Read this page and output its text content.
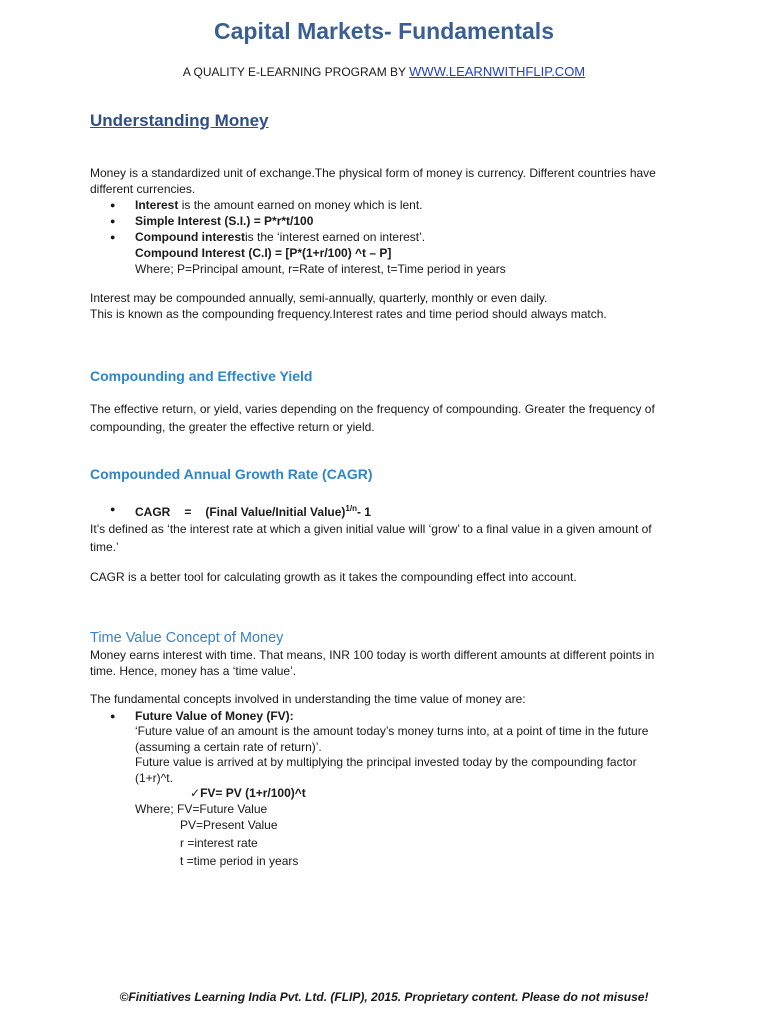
Capital Markets- Fundamentals
A QUALITY E-LEARNING PROGRAM BY WWW.LEARNWITHFLIP.COM
Understanding Money
Money is a standardized unit of exchange.The physical form of money is currency. Different countries have different currencies.
● Interest is the amount earned on money which is lent.
● Simple Interest (S.I.) = P*r*t/100
● Compound interestis the ‘interest earned on interest’.
Compound Interest (C.I) = [P*(1+r/100) ^t – P]
Where; P=Principal amount, r=Rate of interest, t=Time period in years
Interest may be compounded annually, semi-annually, quarterly, monthly or even daily.
This is known as the compounding frequency.Interest rates and time period should always match.
Compounding and Effective Yield
The effective return, or yield, varies depending on the frequency of compounding. Greater the frequency of compounding, the greater the effective return or yield.
Compounded Annual Growth Rate (CAGR)
● CAGR = (Final Value/Initial Value)$^{1/n}$- 1
It’s defined as ‘the interest rate at which a given initial value will ‘grow’ to a final value in a given amount of time.’
CAGR is a better tool for calculating growth as it takes the compounding effect into account.
Time Value Concept of Money
Money earns interest with time. That means, INR 100 today is worth different amounts at different points in time. Hence, money has a ‘time value’.
The fundamental concepts involved in understanding the time value of money are:
● Future Value of Money (FV):
‘Future value of an amount is the amount today’s money turns into, at a point of time in the future (assuming a certain rate of return)’.
Future value is arrived at by multiplying the principal invested today by the compounding factor (1+r)^t.
✓FV= PV (1+r/100)^t
Where; FV=Future Value
PV=Present Value
r =interest rate
t =time period in years
©Finitiatives Learning India Pvt. Ltd. (FLIP), 2015. Proprietary content. Please do not misuse!
